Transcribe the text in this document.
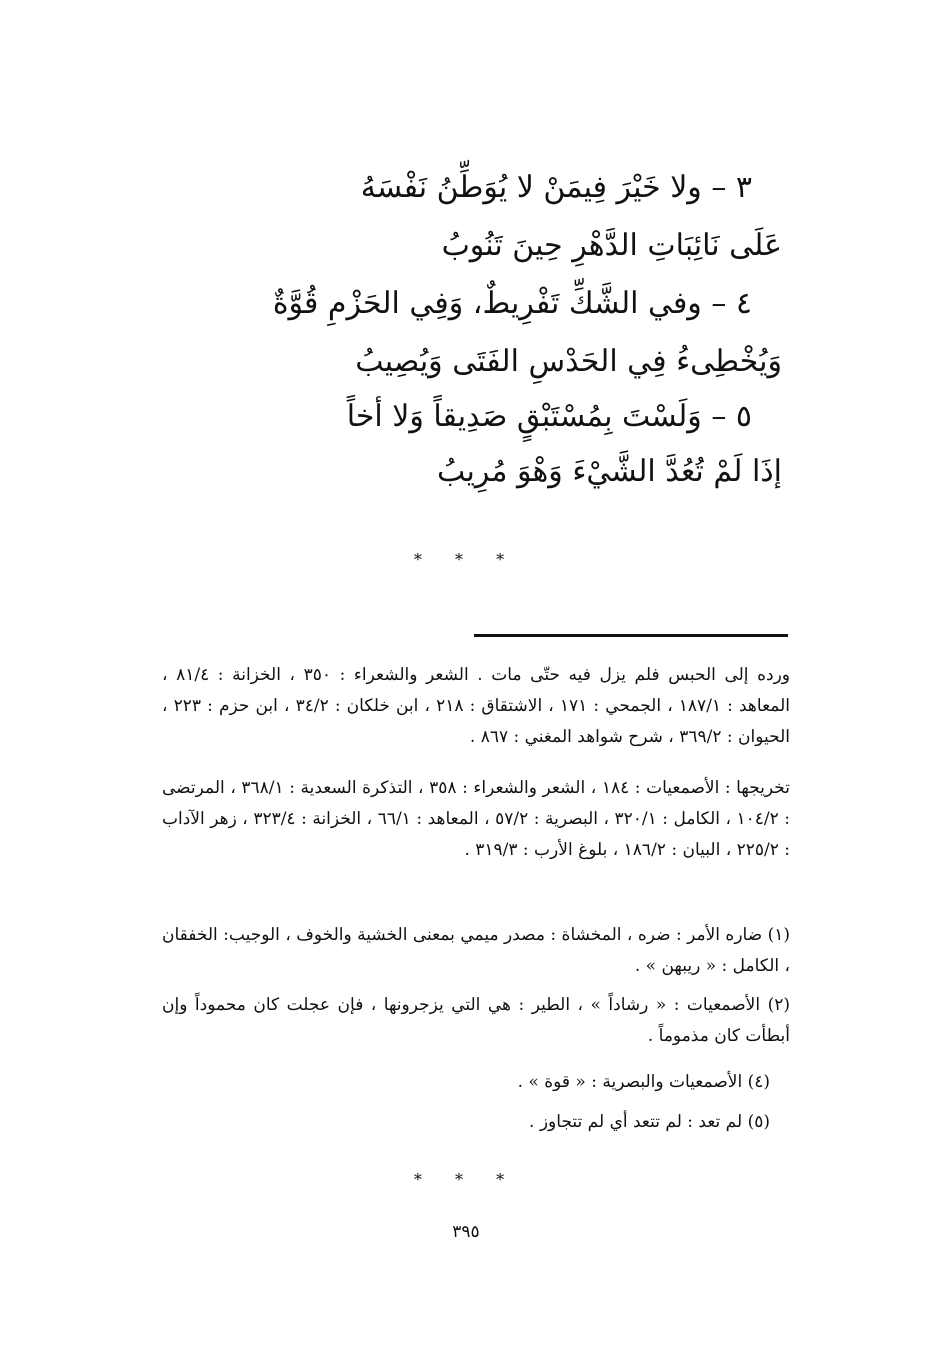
٣ – ولا خَيْرَ فِيمَنْ لا يُوَطِّنُ نَفْسَهُ
عَلَى نَائِبَاتِ الدَّهْرِ حِينَ تَنُوبُ
٤ – وفي الشَّكِّ تَفْرِيطٌ، وَفِي الحَزْمِ قُوَّةٌ
وَيُخْطِىءُ فِي الحَدْسِ الفَتَى وَيُصِيبُ
٥ – وَلَسْتَ بِمُسْتَبْقٍ صَدِيقاً وَلا أخاً
إذَا لَمْ تُعُدَّ الشَّيْءَ وَهْوَ مُرِيبُ
* * *
ورده إلى الحبس فلم يزل فيه حتّى مات . الشعر والشعراء : ٣٥٠ ، الخزانة : ٨١/٤ ، المعاهد : ١٨٧/١ ، الجمحي : ١٧١ ، الاشتقاق : ٢١٨ ، ابن خلكان : ٣٤/٢ ، ابن حزم : ٢٢٣ ، الحيوان : ٣٦٩/٢ ، شرح شواهد المغني : ٨٦٧ .
تخريجها : الأصمعيات : ١٨٤ ، الشعر والشعراء : ٣٥٨ ، التذكرة السعدية : ٣٦٨/١ ، المرتضى : ١٠٤/٢ ، الكامل : ٣٢٠/١ ، البصرية : ٥٧/٢ ، المعاهد : ٦٦/١ ، الخزانة : ٣٢٣/٤ ، زهر الآداب : ٢٢٥/٢ ، البيان : ١٨٦/٢ ، بلوغ الأرب : ٣١٩/٣ .
(١) ضاره الأمر : ضره ، المخشاة : مصدر ميمي بمعنى الخشية والخوف ، الوجيب: الخفقان ، الكامل : « ريبهن » .
(٢) الأصمعيات : « رشاداً » ، الطير : هي التي يزجرونها ، فإن عجلت كان محموداً وإن أبطأت كان مذموماً .
(٤) الأصمعيات والبصرية : « قوة » .
(٥) لم تعد : لم تتعد أي لم تتجاوز .
* * *
٣٩٥
